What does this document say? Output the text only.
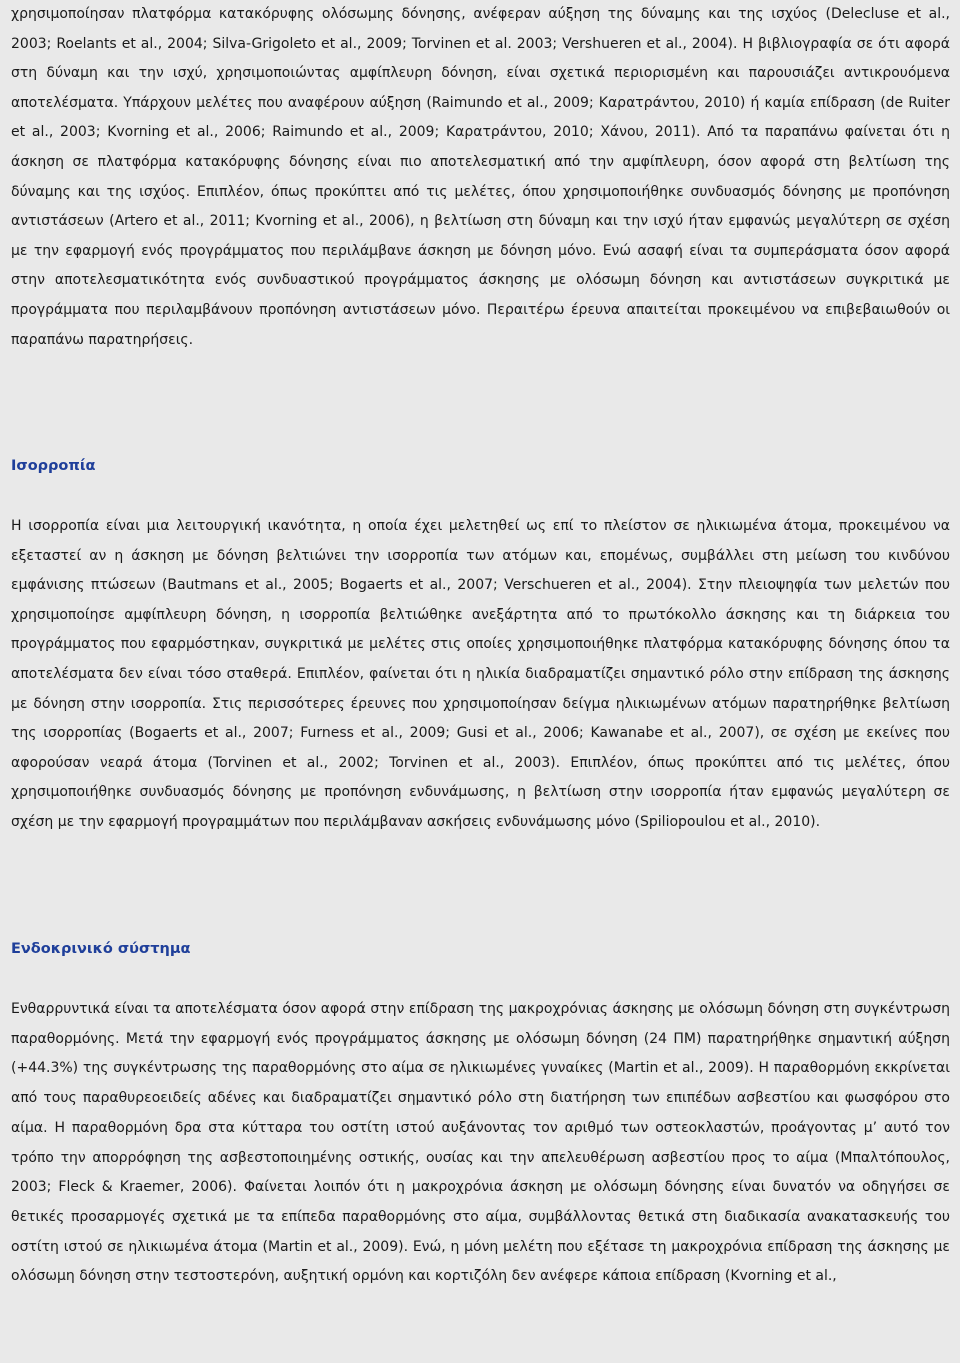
χρησιμοποίησαν πλατφόρμα κατακόρυφης ολόσωμης δόνησης, ανέφεραν αύξηση της δύναμης και της ισχύος (Delecluse et al., 2003; Roelants et al., 2004; Silva-Grigoleto et al., 2009; Torvinen et al. 2003; Vershueren et al., 2004). Η βιβλιογραφία σε ότι αφορά στη δύναμη και την ισχύ, χρησιμοποιώντας αμφίπλευρη δόνηση, είναι σχετικά περιορισμένη και παρουσιάζει αντικρουόμενα αποτελέσματα. Υπάρχουν μελέτες που αναφέρουν αύξηση (Raimundo et al., 2009; Καρατράντου, 2010) ή καμία επίδραση (de Ruiter et al., 2003; Kvorning et al., 2006; Raimundo et al., 2009; Καρατράντου, 2010; Χάνου, 2011). Από τα παραπάνω φαίνεται ότι η άσκηση σε πλατφόρμα κατακόρυφης δόνησης είναι πιο αποτελεσματική από την αμφίπλευρη, όσον αφορά στη βελτίωση της δύναμης και της ισχύος. Επιπλέον, όπως προκύπτει από τις μελέτες, όπου χρησιμοποιήθηκε συνδυασμός δόνησης με προπόνηση αντιστάσεων (Artero et al., 2011; Kvorning et al., 2006), η βελτίωση στη δύναμη και την ισχύ ήταν εμφανώς μεγαλύτερη σε σχέση με την εφαρμογή ενός προγράμματος που περιλάμβανε άσκηση με δόνηση μόνο. Ενώ ασαφή είναι τα συμπεράσματα όσον αφορά στην αποτελεσματικότητα ενός συνδυαστικού προγράμματος άσκησης με ολόσωμη δόνηση και αντιστάσεων συγκριτικά με προγράμματα που περιλαμβάνουν προπόνηση αντιστάσεων μόνο. Περαιτέρω έρευνα απαιτείται προκειμένου να επιβεβαιωθούν οι παραπάνω παρατηρήσεις.

Ισορροπία

Η ισορροπία είναι μια λειτουργική ικανότητα, η οποία έχει μελετηθεί ως επί το πλείστον σε ηλικιωμένα άτομα, προκειμένου να εξεταστεί αν η άσκηση με δόνηση βελτιώνει την ισορροπία των ατόμων και, επομένως, συμβάλλει στη μείωση του κινδύνου εμφάνισης πτώσεων (Bautmans et al., 2005; Bogaerts et al., 2007; Verschueren et al., 2004). Στην πλειοψηφία των μελετών που χρησιμοποίησε αμφίπλευρη δόνηση, η ισορροπία βελτιώθηκε ανεξάρτητα από το πρωτόκολλο άσκησης και τη διάρκεια του προγράμματος που εφαρμόστηκαν, συγκριτικά με μελέτες στις οποίες χρησιμοποιήθηκε πλατφόρμα κατακόρυφης δόνησης όπου τα αποτελέσματα δεν είναι τόσο σταθερά. Επιπλέον, φαίνεται ότι η ηλικία διαδραματίζει σημαντικό ρόλο στην επίδραση της άσκησης με δόνηση στην ισορροπία. Στις περισσότερες έρευνες που χρησιμοποίησαν δείγμα ηλικιωμένων ατόμων παρατηρήθηκε βελτίωση της ισορροπίας (Bogaerts et al., 2007; Furness et al., 2009; Gusi et al., 2006; Kawanabe et al., 2007), σε σχέση με εκείνες που αφορούσαν νεαρά άτομα (Torvinen et al., 2002; Torvinen et al., 2003). Επιπλέον, όπως προκύπτει από τις μελέτες, όπου χρησιμοποιήθηκε συνδυασμός δόνησης με προπόνηση ενδυνάμωσης, η βελτίωση στην ισορροπία ήταν εμφανώς μεγαλύτερη σε σχέση με την εφαρμογή προγραμμάτων που περιλάμβαναν ασκήσεις ενδυνάμωσης μόνο (Spiliopoulou et al., 2010).

Ενδοκρινικό σύστημα

Ενθαρρυντικά είναι τα αποτελέσματα όσον αφορά στην επίδραση της μακροχρόνιας άσκησης με ολόσωμη δόνηση στη συγκέντρωση παραθορμόνης. Μετά την εφαρμογή ενός προγράμματος άσκησης με ολόσωμη δόνηση (24 ΠΜ) παρατηρήθηκε σημαντική αύξηση (+44.3%) της συγκέντρωσης της παραθορμόνης στο αίμα σε ηλικιωμένες γυναίκες (Martin et al., 2009). Η παραθορμόνη εκκρίνεται από τους παραθυρεοειδείς αδένες και διαδραματίζει σημαντικό ρόλο στη διατήρηση των επιπέδων ασβεστίου και φωσφόρου στο αίμα. Η παραθορμόνη δρα στα κύτταρα του οστίτη ιστού αυξάνοντας τον αριθμό των οστεοκλαστών, προάγοντας μ’ αυτό τον τρόπο την απορρόφηση της ασβεστοποιημένης οστικής, ουσίας και την απελευθέρωση ασβεστίου προς το αίμα (Μπαλτόπουλος, 2003; Fleck & Kraemer, 2006). Φαίνεται λοιπόν ότι η μακροχρόνια άσκηση με ολόσωμη δόνησης είναι δυνατόν να οδηγήσει σε θετικές προσαρμογές σχετικά με τα επίπεδα παραθορμόνης στο αίμα, συμβάλλοντας θετικά στη διαδικασία ανακατασκευής του οστίτη ιστού σε ηλικιωμένα άτομα (Martin et al., 2009). Ενώ, η μόνη μελέτη που εξέτασε τη μακροχρόνια επίδραση της άσκησης με ολόσωμη δόνηση στην τεστοστερόνη, αυξητική ορμόνη και κορτιζόλη δεν ανέφερε κάποια επίδραση (Kvorning et al.,
